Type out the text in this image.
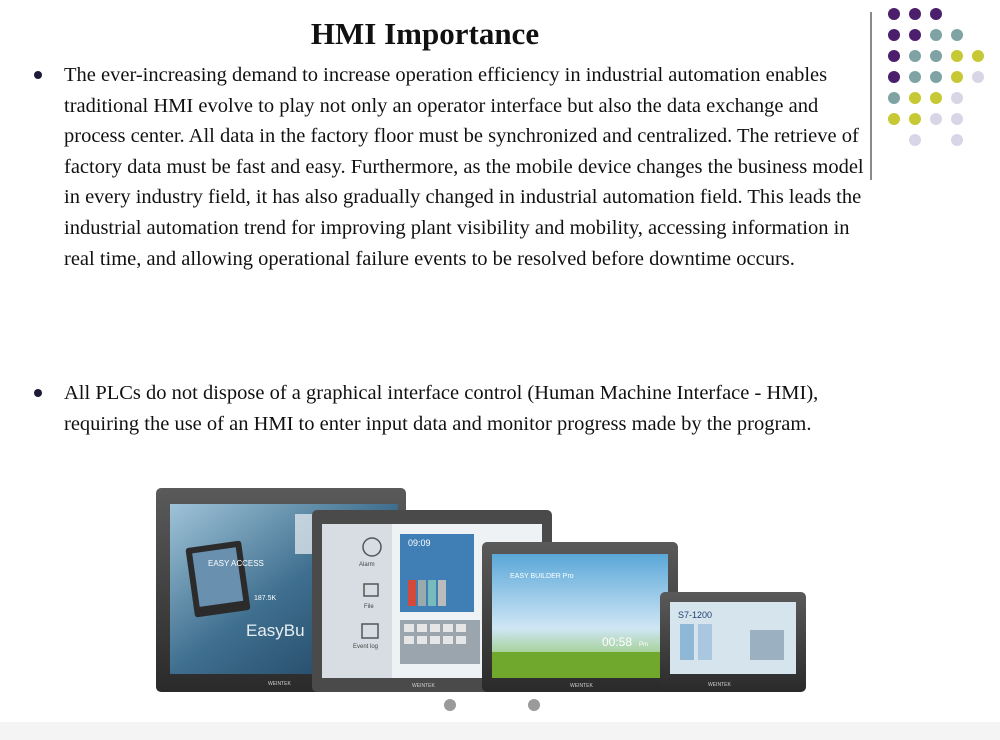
HMI Importance
The ever-increasing demand to increase operation efficiency in industrial automation enables traditional HMI evolve to play not only an operator interface but also the data exchange and process center. All data in the factory floor must be synchronized and centralized. The retrieve of factory data must be fast and easy. Furthermore, as the mobile device changes the business model in every industry field, it has also gradually changed in industrial automation field. This leads the industrial automation trend for improving plant visibility and mobility, accessing information in real time, and allowing operational failure events to be resolved before downtime occurs.
All PLCs do not dispose of a graphical interface control (Human Machine Interface - HMI), requiring the use of an HMI to enter input data and monitor progress made by the program.
EASY ACCESS
187.5K
EasyBu
WEINTEK
Alarm
File
Event log
09:09
WEINTEK
EASY BUILDER Pro
00:58 Pm
WEINTEK
S7-1200
WEINTEK
